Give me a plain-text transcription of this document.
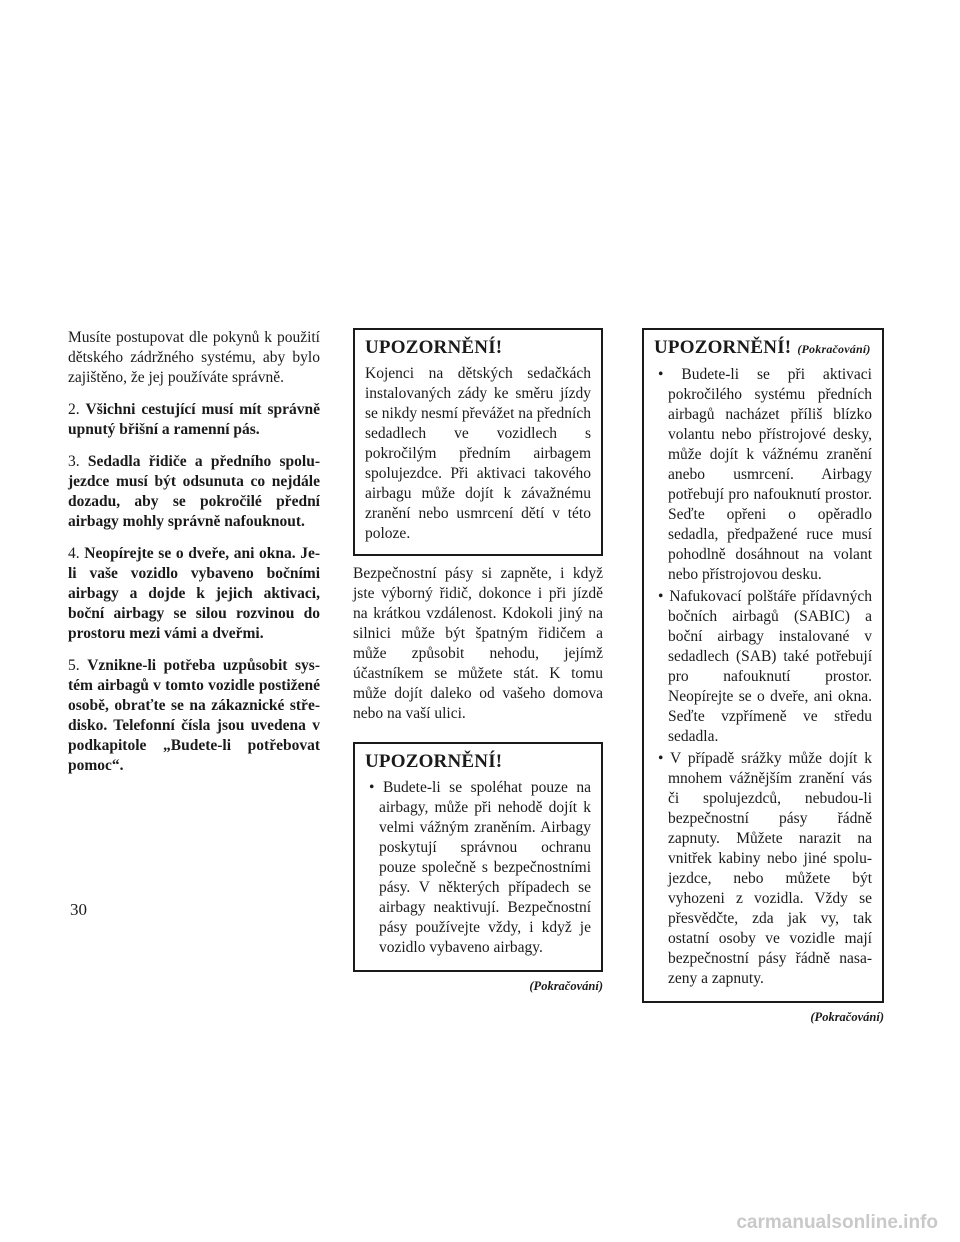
Musíte postupovat dle pokynů k použití dětského zádržného systému, aby bylo zajištěno, že jej používáte správně.

2. Všichni cestující musí mít správně upnutý břišní a ramenní pás.

3. Sedadla řidiče a předního spolujezdce musí být odsunuta co nejdále dozadu, aby se pokročilé přední airbagy mohly správně nafouknout.

4. Neopírejte se o dveře, ani okna. Je-li vaše vozidlo vybaveno bočními airbagy a dojde k jejich aktivaci, boční airbagy se silou rozvinou do prostoru mezi vámi a dveřmi.

5. Vznikne-li potřeba uzpůsobit systém airbagů v tomto vozidle postižené osobě, obraťte se na zákaznické středisko. Telefonní čísla jsou uvedena v podkapitole „Budete-li potřebovat pomoc“.

UPOZORNĚNÍ!

Kojenci na dětských sedačkách instalovaných zády ke směru jízdy se nikdy nesmí převážet na předních sedadlech ve vozidlech s pokročilým předním airbagem spolujezdce. Při aktivaci takového airbagu může dojít k závažnému zranění nebo usmrcení dětí v této poloze.

Bezpečnostní pásy si zapněte, i když jste výborný řidič, dokonce i při jízdě na krátkou vzdálenost. Kdokoli jiný na silnici může být špatným řidičem a může způsobit nehodu, jejímž účastníkem se můžete stát. K tomu může dojít daleko od vašeho domova nebo na vaší ulici.

UPOZORNĚNÍ!
• Budete-li se spoléhat pouze na airbagy, může při nehodě dojít k velmi vážným zraněním. Airbagy poskytují správnou ochranu pouze společně s bezpečnostními pásy. V některých případech se airbagy neaktivují. Bezpečnostní pásy používejte vždy, i když je vozidlo vybaveno airbagy.
(Pokračování)
UPOZORNĚNÍ! (Pokračování)
• Budete-li se při aktivaci pokročilého systému předních airbagů nacházet příliš blízko volantu nebo přístrojové desky, může dojít k vážnému zranění anebo usmrcení. Airbagy potřebují pro nafouknutí prostor. Seďte opřeni o opěradlo sedadla, předpažené ruce musí pohodlně dosáhnout na volant nebo přístrojovou desku.
• Nafukovací polštáře přídavných bočních airbagů (SABIC) a boční airbagy instalované v sedadlech (SAB) také potřebují pro nafouknutí prostor. Neopírejte se o dveře, ani okna. Seďte vzpřímeně ve středu sedadla.
• V případě srážky může dojít k mnohem vážnějším zranění vás či spolujezdců, nebudou-li bezpečnostní pásy řádně zapnuty. Můžete narazit na vnitřek kabiny nebo jiné spolujezdce, nebo můžete být vyhozeni z vozidla. Vždy se přesvědčte, zda jak vy, tak ostatní osoby ve vozidle mají bezpečnostní pásy řádně nasazeny a zapnuty.
(Pokračování)
30
carmanualsonline.info
